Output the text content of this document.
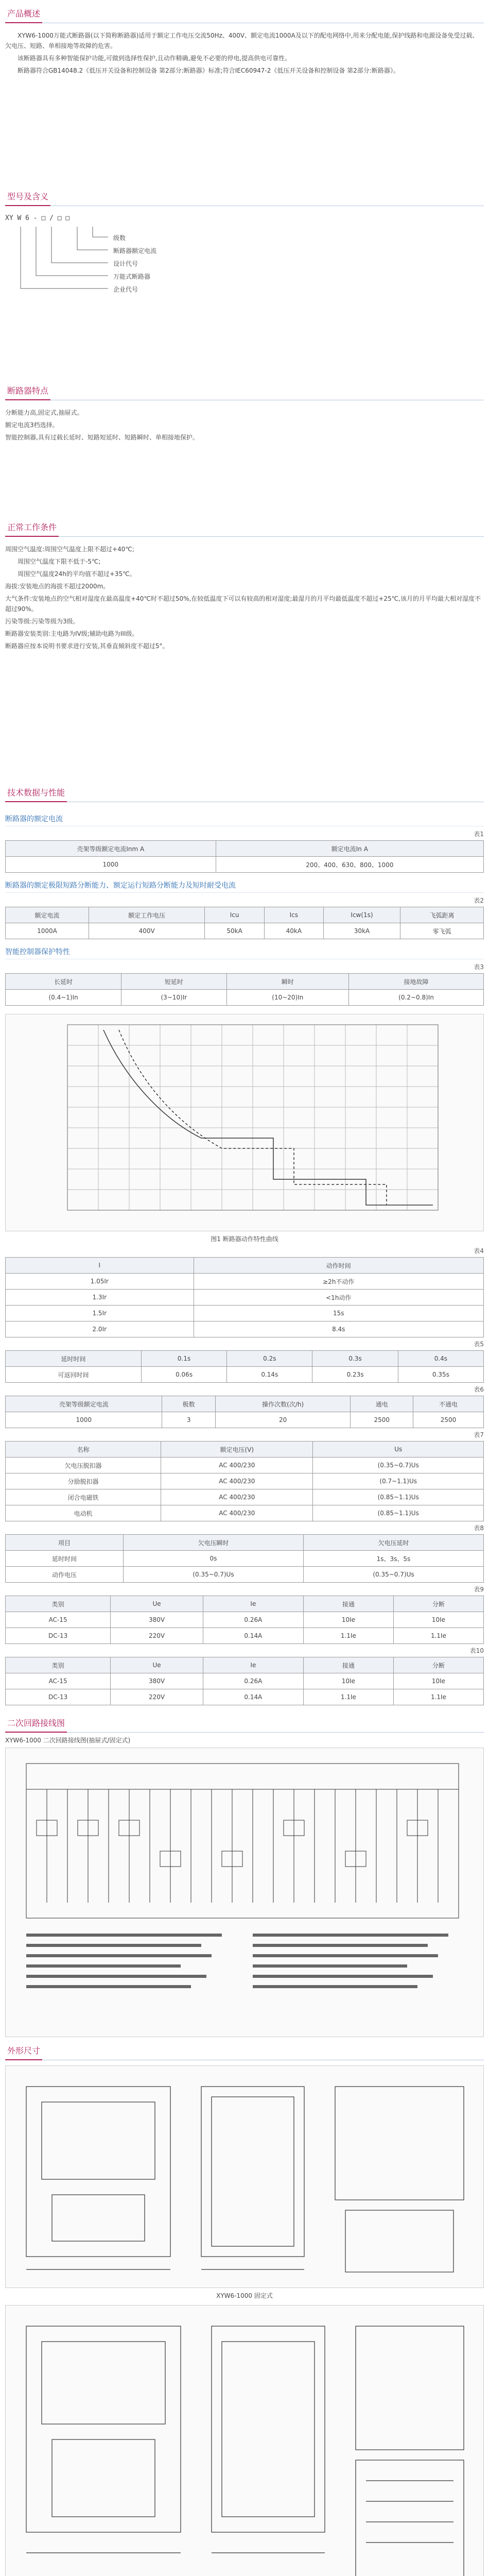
产品概述

XYW6-1000万能式断路器(以下简称断路器)适用于额定工作电压交流50Hz、400V、额定电流1000A及以下的配电网络中,用来分配电能,保护线路和电源设备免受过载、欠电压、短路、单相接地等故障的危害。

该断路器具有多种智能保护功能,可做到选择性保护,且动作精确,避免不必要的停电,提高供电可靠性。

断路器符合GB14048.2《低压开关设备和控制设备 第2部分:断路器》标准;符合IEC60947-2《低压开关设备和控制设备 第2部分:断路器》。

型号及含义
XY W 6 - □ / □ □
级数
断路器额定电流
设计代号
万能式断路器
企业代号
断路器特点

分断能力高,固定式,抽屉式。

额定电流3档选择。

智能控制器,具有过载长延时、短路短延时、短路瞬时、单相接地保护。

正常工作条件

周围空气温度:周围空气温度上限不超过+40℃;

周围空气温度下限不低于-5℃;

周围空气温度24h的平均值不超过+35℃。

海拔:安装地点的海拔不超过2000m。

大气条件:安装地点的空气相对湿度在最高温度+40℃时不超过50%,在较低温度下可以有较高的相对湿度;最湿月的月平均最低温度不超过+25℃,该月的月平均最大相对湿度不超过90%。

污染等级:污染等级为3级。

断路器安装类别:主电路为IV级;辅助电路为III级。

断路器应按本说明书要求进行安装,其垂直倾斜度不超过5°。

技术数据与性能
断路器的额定电流
表1
壳架等级额定电流Inm A	额定电流In A
1000	200、400、630、800、1000
断路器的额定极限短路分断能力、额定运行短路分断能力及短时耐受电流
表2
额定电流	额定工作电压	Icu	Ics	Icw(1s)	飞弧距离
1000A	400V	50kA	40kA	30kA	零飞弧
智能控制器保护特性
表3
长延时	短延时	瞬时	接地故障
(0.4~1)In	(3~10)Ir	(10~20)In	(0.2~0.8)In
图1 断路器动作特性曲线
表4
I	动作时间
1.05Ir	≥2h不动作
1.3Ir	<1h动作
1.5Ir	15s
2.0Ir	8.4s
表5
延时时间	0.1s	0.2s	0.3s	0.4s
可返回时间	0.06s	0.14s	0.23s	0.35s
表6
壳架等级额定电流	极数	操作次数(次/h)	通电	不通电
1000	3	20	2500	2500
表7
名称	额定电压(V)	Us
欠电压脱扣器	AC 400/230	(0.35~0.7)Us
分励脱扣器	AC 400/230	(0.7~1.1)Us
闭合电磁铁	AC 400/230	(0.85~1.1)Us
电动机	AC 400/230	(0.85~1.1)Us
表8
项目	欠电压瞬时	欠电压延时
延时时间	0s	1s、3s、5s
动作电压	(0.35~0.7)Us	(0.35~0.7)Us
表9
类别	Ue	Ie	接通	分断
AC-15	380V	0.26A	10Ie	10Ie
DC-13	220V	0.14A	1.1Ie	1.1Ie
表10
类别	Ue	Ie	接通	分断
AC-15	380V	0.26A	10Ie	10Ie
DC-13	220V	0.14A	1.1Ie	1.1Ie
二次回路接线图
XYW6-1000 二次回路接线图(抽屉式/固定式)
外形尺寸
XYW6-1000 固定式
